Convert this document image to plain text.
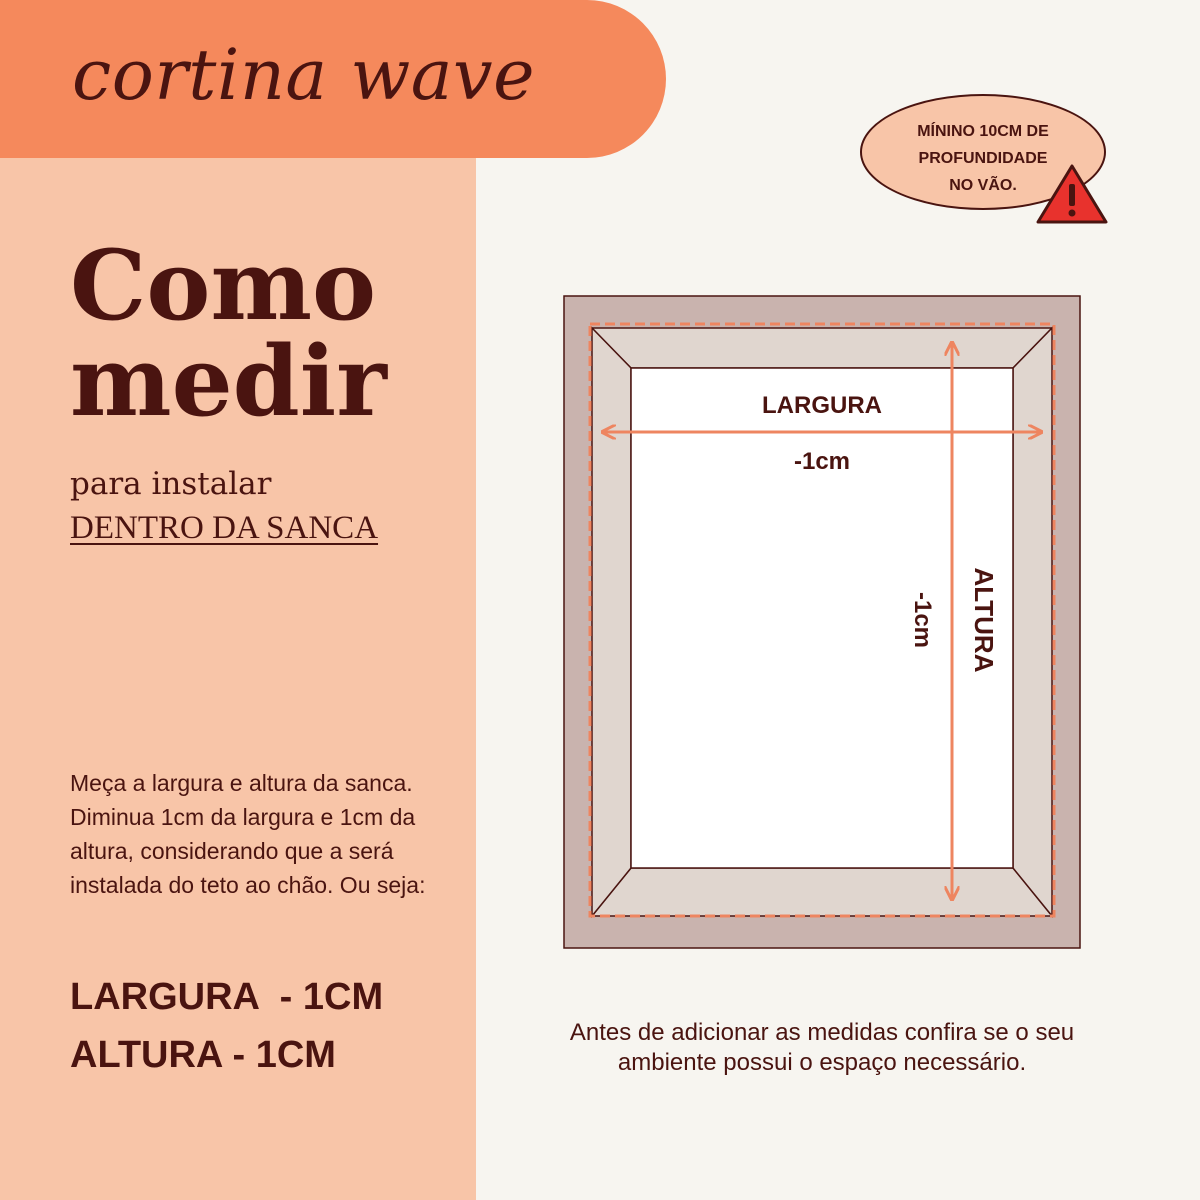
cortina wave
Como
medir
para instalar
DENTRO DA SANCA
Meça a largura e altura da sanca. Diminua 1cm da largura e 1cm da altura, considerando que a será instalada do teto ao chão. Ou seja:
LARGURA  - 1CM
ALTURA - 1CM
MÍNINO 10CM DE
PROFUNDIDADE
NO VÃO.
LARGURA
-1cm
ALTURA
-1cm
Antes de adicionar as medidas confira se o seu ambiente possui o espaço necessário.
